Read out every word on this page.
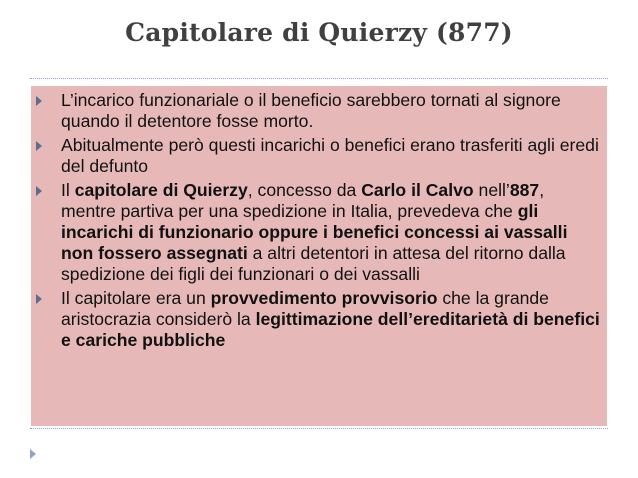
Capitolare di Quierzy (877)
L’incarico funzionariale o il beneficio sarebbero tornati al signore quando il detentore fosse morto.
Abitualmente però questi incarichi o benefici erano trasferiti agli eredi del defunto
Il capitolare di Quierzy, concesso da Carlo il Calvo nell’887, mentre partiva per una spedizione in Italia, prevedeva che gli incarichi di funzionario oppure i benefici concessi ai vassalli non fossero assegnati a altri detentori in attesa del ritorno dalla spedizione dei figli dei funzionari o dei vassalli
Il capitolare era un provvedimento provvisorio che la grande aristocrazia considerò la legittimazione dell’ereditarietà di benefici e cariche pubbliche
